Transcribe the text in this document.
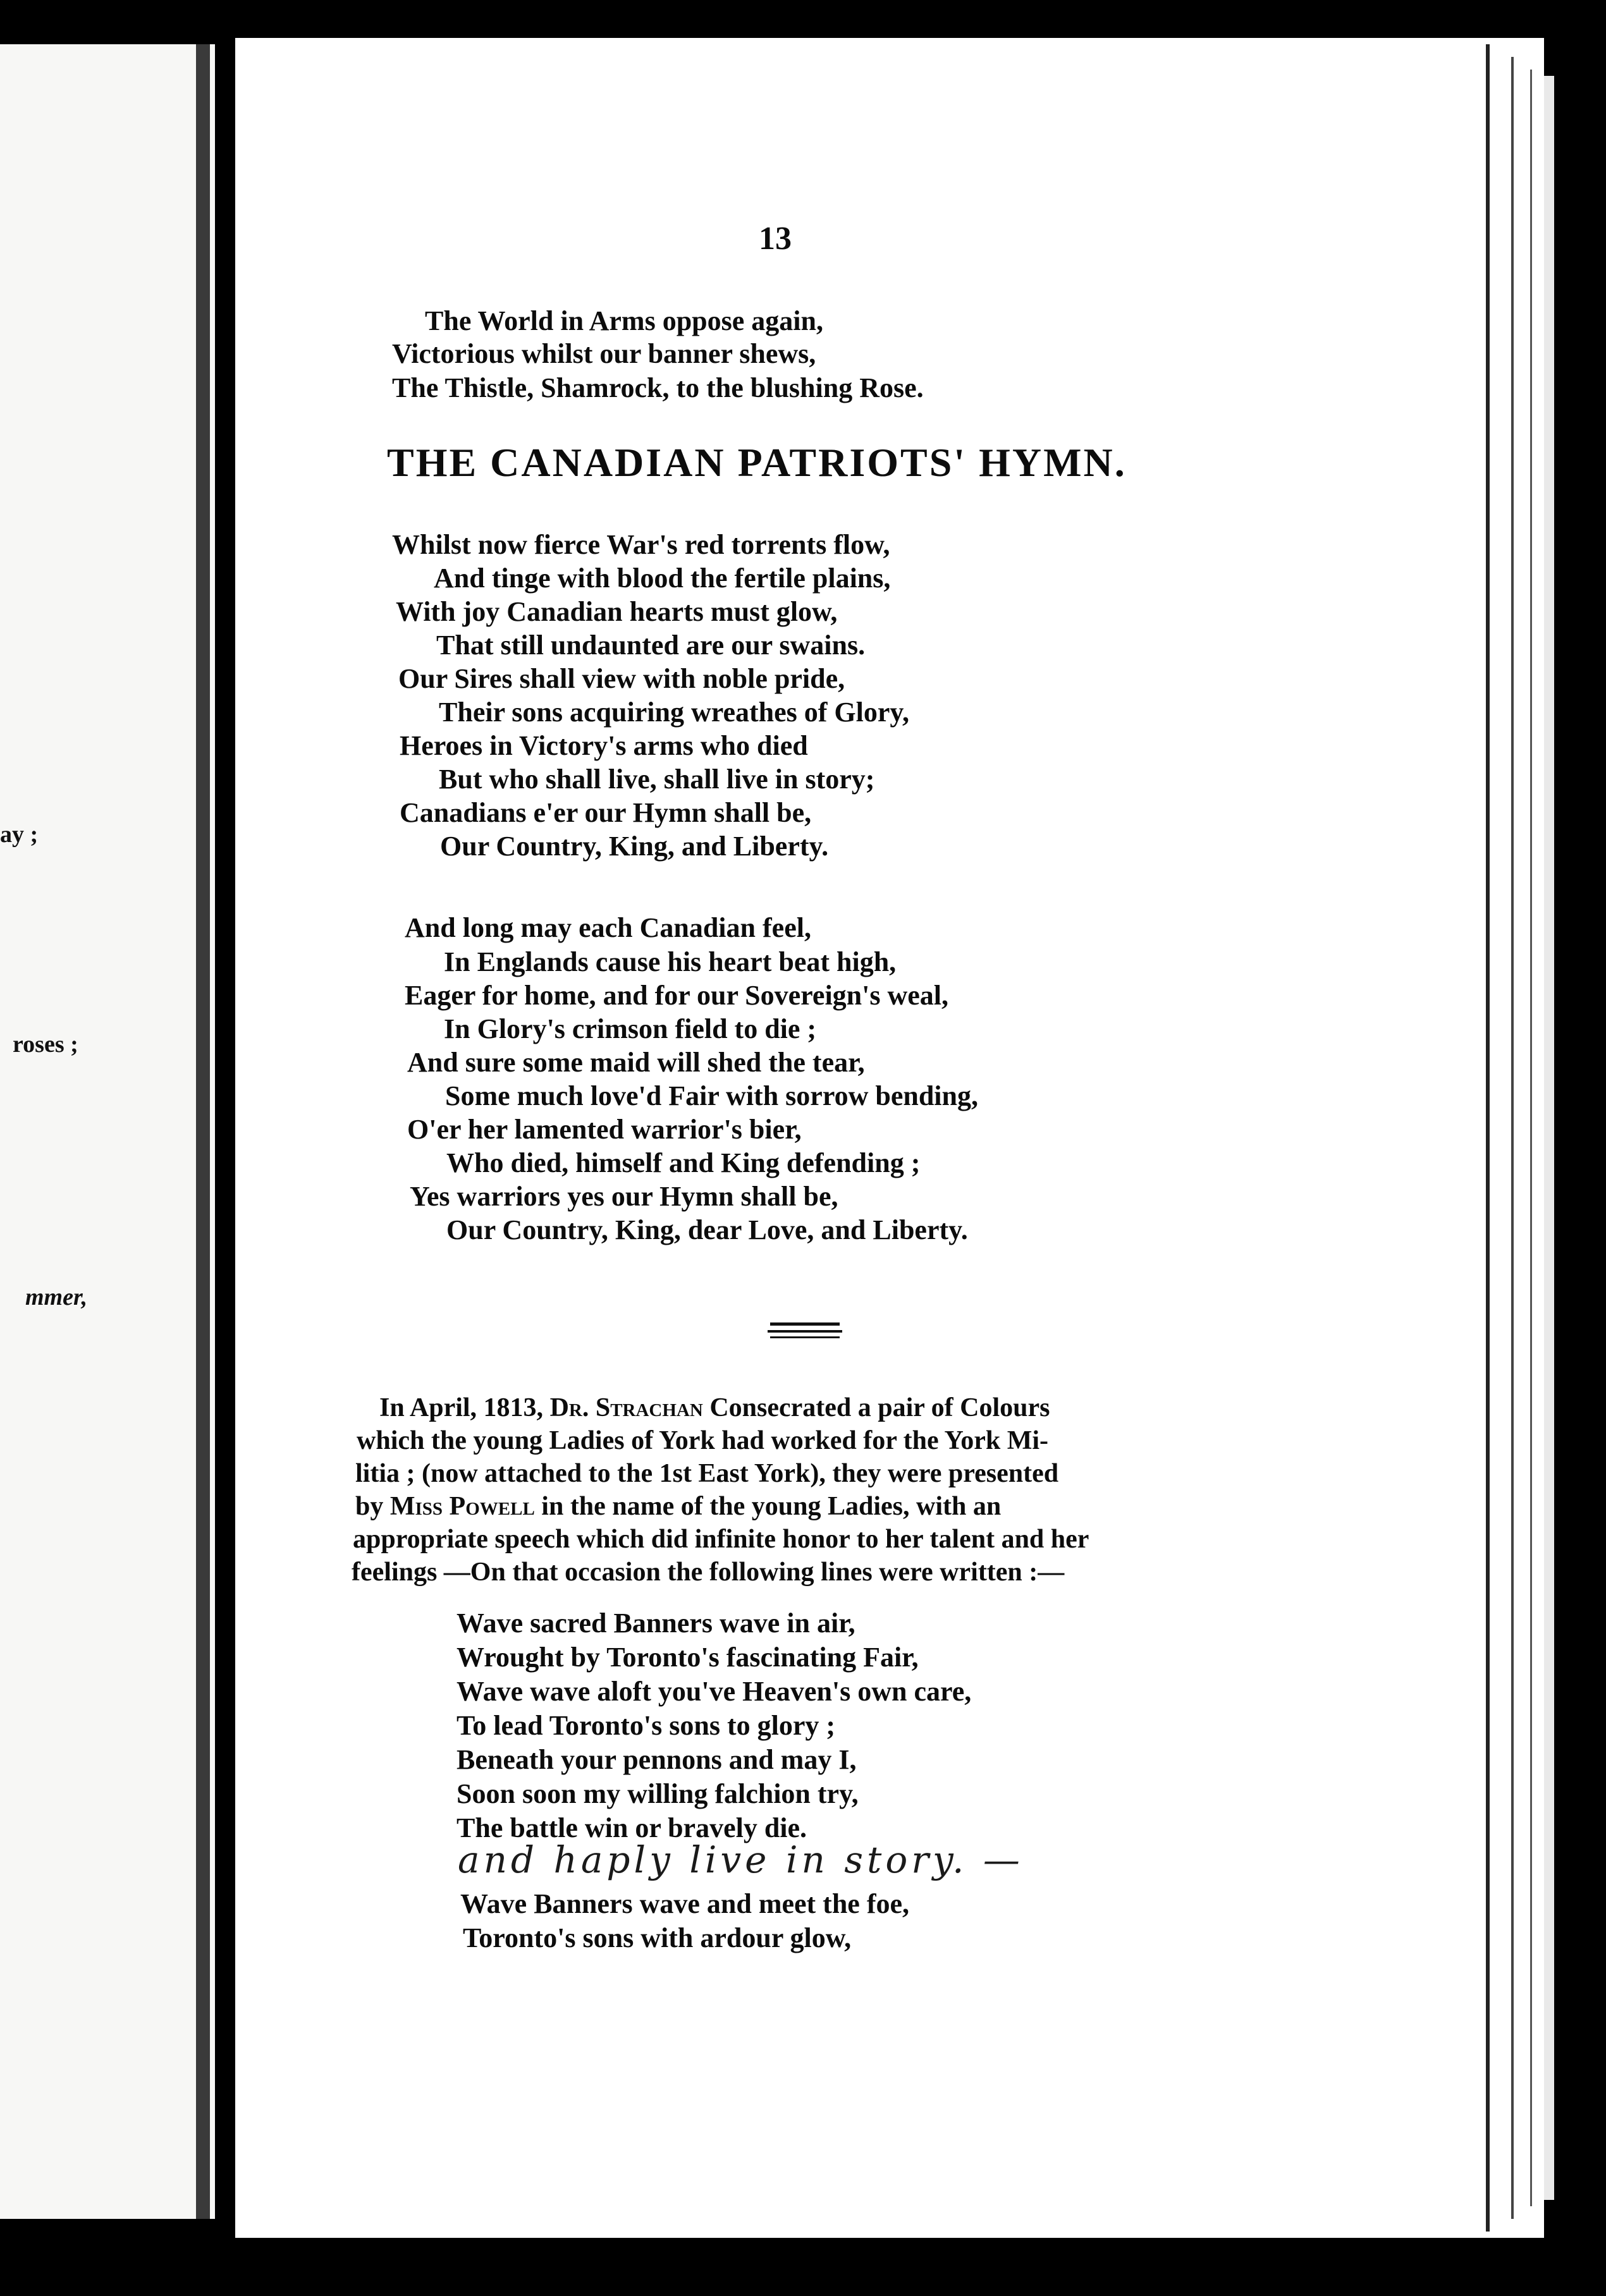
ay ;
roses ;
mmer,
13
The World in Arms oppose again,
Victorious whilst our banner shews,
The Thistle, Shamrock, to the blushing Rose.
THE CANADIAN PATRIOTS' HYMN.
Whilst now fierce War's red torrents flow,
And tinge with blood the fertile plains,
With joy Canadian hearts must glow,
That still undaunted are our swains.
Our Sires shall view with noble pride,
Their sons acquiring wreathes of Glory,
Heroes in Victory's arms who died
But who shall live, shall live in story;
Canadians e'er our Hymn shall be,
Our Country, King, and Liberty.
And long may each Canadian feel,
In Englands cause his heart beat high,
Eager for home, and for our Sovereign's weal,
In Glory's crimson field to die ;
And sure some maid will shed the tear,
Some much love'd Fair with sorrow bending,
O'er her lamented warrior's bier,
Who died, himself and King defending ;
Yes warriors yes our Hymn shall be,
Our Country, King, dear Love, and Liberty.
In April, 1813, Dr. Strachan Consecrated a pair of Colours
which the young Ladies of York had worked for the York Mi-
litia ; (now attached to the 1st East York), they were presented
by Miss Powell in the name of the young Ladies, with an
appropriate speech which did infinite honor to her talent and her
feelings —On that occasion the following lines were written :—
Wave sacred Banners wave in air,
Wrought by Toronto's fascinating Fair,
Wave wave aloft you've Heaven's own care,
To lead Toronto's sons to glory ;
Beneath your pennons and may I,
Soon soon my willing falchion try,
The battle win or bravely die.
and haply live in story. —
Wave Banners wave and meet the foe,
Toronto's sons with ardour glow,
